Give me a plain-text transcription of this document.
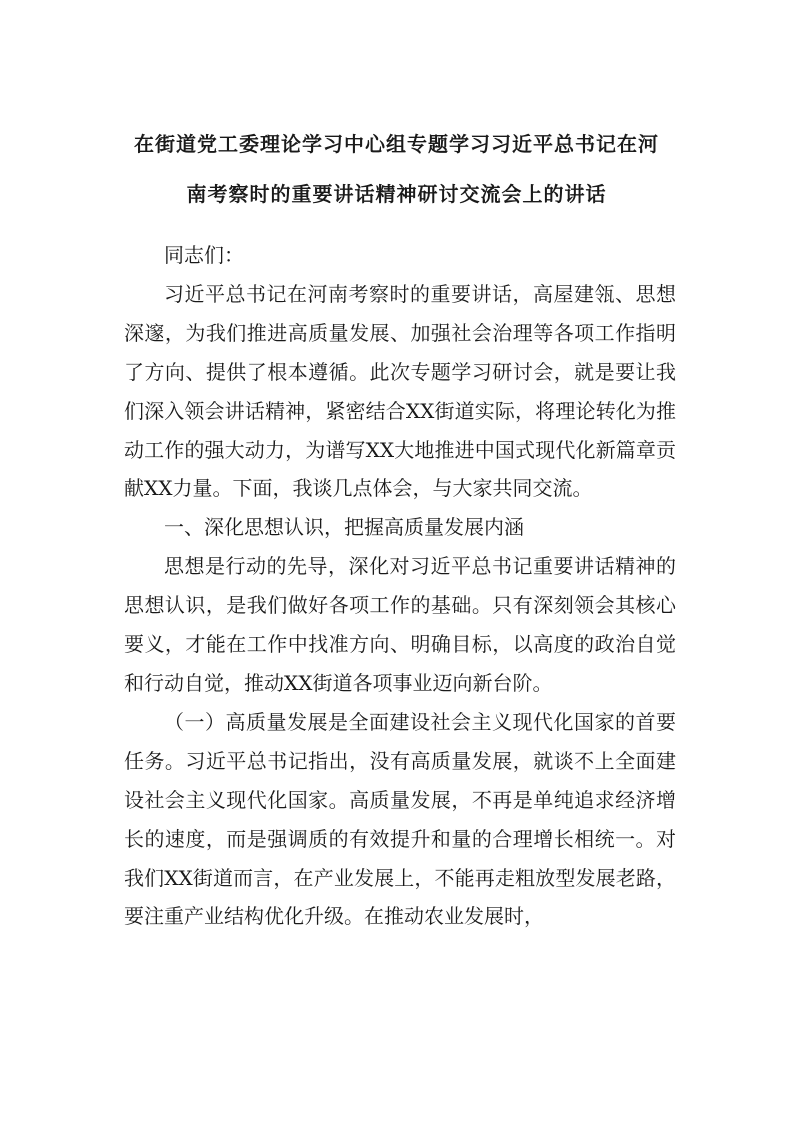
在街道党工委理论学习中心组专题学习习近平总书记在河
南考察时的重要讲话精神研讨交流会上的讲话

同志们：

习近平总书记在河南考察时的重要讲话，高屋建瓴、思想深邃，为我们推进高质量发展、加强社会治理等各项工作指明了方向、提供了根本遵循。此次专题学习研讨会，就是要让我们深入领会讲话精神，紧密结合XX街道实际，将理论转化为推动工作的强大动力，为谱写XX大地推进中国式现代化新篇章贡献XX力量。下面，我谈几点体会，与大家共同交流。

一、深化思想认识，把握高质量发展内涵

思想是行动的先导，深化对习近平总书记重要讲话精神的思想认识，是我们做好各项工作的基础。只有深刻领会其核心要义，才能在工作中找准方向、明确目标，以高度的政治自觉和行动自觉，推动XX街道各项事业迈向新台阶。

（一）高质量发展是全面建设社会主义现代化国家的首要任务。习近平总书记指出，没有高质量发展，就谈不上全面建设社会主义现代化国家。高质量发展，不再是单纯追求经济增长的速度，而是强调质的有效提升和量的合理增长相统一。对我们XX街道而言，在产业发展上，不能再走粗放型发展老路，要注重产业结构优化升级。在推动农业发展时，
